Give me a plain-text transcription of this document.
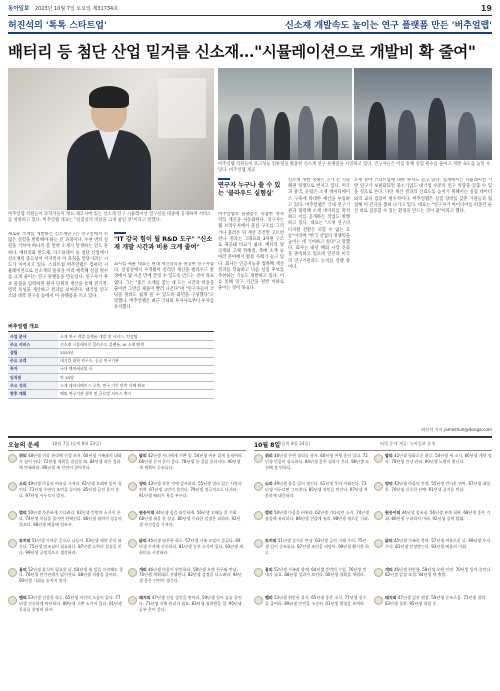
동아일보 2023년 10월 7일 토요일 제31734호	19
허진석의 '톡톡 스타트업'	신소재 개발속도 높이는 연구 플랫폼 만든 '버추얼랩'
배터리 등 첨단 산업 밑거름 신소재…"시뮬레이션으로 개발비 확 줄여"
버추얼랩 직원들이 과학자들이 재료·제조사에 있는 신소재 연구 시뮬레이션 연구실을 대중에 공개하며 서비스를 설명하고 있다. 버추얼랩 대표는 "실험실의 비용을 크게 줄일 것"이라고 말했다.
버추얼랩 직원들이 초고성능 컴퓨팅을 활용한 신소재 연구 플랫폼을 시연하고 있다. 연구자들은 이를 통해 실험 횟수를 줄이고 개발 속도를 높일 수 있다. 버추얼랩 제공
새로운 소재를 개발하는 신소재연구는 연구실에서 수많은 실험을 반복해야 하는 긴 과정이다. 수천 번의 실험을 거쳐야 하나의 쓸 만한 소재가 탄생하는 일도 흔하다. 배터리와 반도체, 디스플레이 등 첨단 산업에서 신소재의 중요성이 커지면서 이 과정을 앞당기려는 시도가 이어지고 있다. 스타트업 버추얼랩은 컴퓨터 시뮬레이션으로 신소재의 물성을 미리 예측해 실험 횟수를 크게 줄이는 연구 플랫폼을 만들었다. 연구자가 후보 물질을 입력하면 원자 단위의 계산을 통해 전기적·열적 특성을 계산하고 결과를 보여준다. 대기업 연구소와 대학 연구실 등에서 이 플랫폼을 쓰고 있다.
"IT 강국 힘이 될 R&D 도구" "신소재 개발 시간과 비용 크게 줄여"
회사를 세운 대표는 원래 계산과학을 전공한 연구자였다. 실험실에서 수개월이 걸리던 계산을 클라우드 환경에서 몇 시간 만에 끝낼 수 있도록 만드는 것이 목표였다. 그는 "좋은 소재를 찾는 데 드는 시간과 비용을 줄이면 그만큼 제품이 빨리 나온다"며 "연구자들이 코딩을 몰라도 쉽게 쓸 수 있도록 화면을 구성했다"고 말했다. 버추얼랩은 최근 국내외 투자사로부터 투자를 유치했다.
연구자 누구나 쓸 수 있는 '클라우드 실험실'
버추얼랩의 플랫폼은 복잡한 양자역학 계산을 자동화한다. 연구자는 웹 브라우저에서 물질 구조를 그리거나 불러온 뒤 계산 조건만 고르면 된다. 결과는 그래프와 3차원 구조로 제공돼 비교가 쉽다. 배터리 양극재와 고체 전해질, 촉매 소재 등 여러 분야에서 활용 사례가 늘고 있다. 회사는 인공지능을 접목해 계산 결과를 학습하고 다음 실험 후보를 추천하는 기능도 개발하고 있다. 이를 통해 연구 기간을 절반 이하로 줄이는 것이 목표다.
신소재 개발 경쟁은 국가 간 기술 패권 경쟁으로 번지고 있다. 미국과 중국, 유럽은 소재 데이터베이스 구축에 막대한 예산을 투입하고 있다. 버추얼랩은 국내 연구기관과 협력해 소재 데이터를 축적하고 이를 공개하는 작업도 병행하고 있다. 대표는 "소재 연구의 디지털 전환은 피할 수 없는 흐름"이라며 "한국 산업의 경쟁력을 높이는 데 기여하고 싶다"고 말했다. 회사는 내년 해외 시장 진출을 준비하고 있으며 일본과 미국의 연구기관과도 논의를 진행 중이다.
소재 분야 스타트업에 대한 투자도 늘고 있다. 업계에서는 시뮬레이션 기반 연구가 보편화되면 중소기업도 대기업 수준의 연구 역량을 갖출 수 있을 것으로 본다. 다만 계산 결과의 신뢰도를 높이기 위해서는 실험 데이터와의 교차 검증이 필수적이다. 버추얼랩은 실험 장비를 갖춘 기관들과 협업해 이 간극을 좁혀 나가고 있다. 대표는 "연구자가 아이디어를 떠올린 순간 바로 검증할 수 있는 환경을 만드는 것이 꿈"이라고 했다.
버추얼랩 개요
사업 분야	소재 연구 개발 플랫폼 개발 및 서비스, 컨설팅
주요 서비스	신소재 시뮬레이션 클라우드 플랫폼, AI 소재 탐색
설립	2020년
주요 고객	대기업·대학 연구소, 공공 연구기관
투자	국내 벤처캐피털 등
임직원	약 30명
주요 성과	소재 데이터베이스 구축, 연구 기간 단축 사례 확보
향후 계획	해외 연구기관 협력 및 글로벌 서비스 출시
허진석 기자 jameshuh@donga.com
오늘의 운세	10월 7일 (음력 8월 23일)	10월 8일 (음력 8월 24일)	띠별 운세 제공: 동아일보 운세
쥐띠 48년생 건강 관리에 신경 쓰자. 60년생 가족과의 대화가 힘이 된다. 72년생 계획을 점검할 때. 84년생 작은 성과에 만족하라. 96년생 새 인연이 찾아온다.
소띠 49년생 마음의 여유를 가져라. 61년생 오래된 일이 풀린다. 73년생 주변의 조언을 들어라. 85년생 금전 운이 좋다. 97년생 서두르지 말자.
범띠 50년생 차분하게 기다려라. 62년생 뜻밖의 소식이 온다. 74년생 욕심을 줄이면 편해진다. 86년생 협력이 성공의 열쇠다. 98년생 배움에 힘쓰자.
토끼띠 51년생 가까운 곳으로 나들이. 63년생 계약 운이 따른다. 75년생 말조심이 필요하다. 87년생 노력의 결실을 본다. 99년생 긍정적으로 생각하라.
용띠 52년생 휴식이 필요한 날. 64년생 새 일을 시작해도 좋다. 76년생 인간관계가 넓어진다. 88년생 지출을 줄여라. 00년생 기회를 놓치지 말자.
뱀띠 53년생 건강한 하루. 65년생 지인의 도움이 있다. 77년생 신중하게 판단하라. 89년생 기쁜 소식이 있다. 01년생 목표를 분명히 하자.
말띠 42년생 자녀에게 기쁜 일. 54년생 여유 있게 움직여라. 66년생 문서 운이 좋다. 78년생 한 걸음 물러서라. 90년생 새 계획이 순조롭다.
양띠 43년생 작은 것에 감사하라. 55년생 멀리 있는 사람의 연락. 67년생 고민이 풀린다. 79년생 적극적으로 나서라. 91년생 배려가 복을 부른다.
원숭이띠 44년생 몸을 따뜻하게. 56년생 오해를 풀 기회. 68년생 재물 운 상승. 80년생 무리한 일정은 피하라. 92년생 자신감을 가져라.
닭띠 45년생 평온한 하루. 57년생 가족 모임이 즐겁다. 69년생 투자에 신중하라. 81년생 승진 소식이 있다. 93년생 새 취미를 시작하라.
개띠 46년생 마음이 편안하다. 58년생 오랜 친구와 만남. 70년생 계획대로 진행된다. 82년생 감정을 다스려라. 94년생 좋은 인연이 생긴다.
돼지띠 47년생 건강 검진을 받아라. 59년생 일이 술술 풀린다. 71년생 지출 관리가 필요. 83년생 칭찬받을 일. 95년생 공부 운이 좋다.
쥐띠 48년생 주변 정리를 하자. 60년생 여행 운이 있다. 72년생 믿음이 필요하다. 84년생 좋은 결과가 온다. 96년생 도전해 볼 만하다.
소띠 49년생 웃을 일이 생긴다. 61년생 뜻이 이뤄진다. 73년생 서두르면 그르친다. 85년생 귀인을 만난다. 97년생 차분하게 대응하라.
범띠 50년생 마음을 비워라. 62년생 기다리던 소식. 74년생 협상에 유리하다. 86년생 건강에 유의. 98년생 새로운 기회.
토끼띠 51년생 즐거운 만남. 63년생 금전 거래 주의. 75년생 일이 순조롭다. 87년생 조언을 귀담아. 99년생 활기찬 하루.
용띠 52년생 가족과 함께. 64년생 뜻밖의 수입. 76년생 인내가 필요. 88년생 성과가 보인다. 00년생 계획을 세워라.
뱀띠 53년생 편안한 휴식. 65년생 좋은 소식. 77년생 실수를 줄여라. 89년생 인연을 소중히. 01년생 열정을 보여라.
말띠 42년생 평화로운 하루. 54년생 새 소식. 66년생 계약 성사. 78년생 건강 관리. 90년생 노력이 빛난다.
양띠 43년생 마음의 안정. 55년생 반가운 연락. 67년생 재물 운. 79년생 신중한 선택. 91년생 즐거운 만남.
원숭이띠 44년생 몸조심. 56년생 관계 회복. 68년생 좋은 기회. 80년생 무리하지 마라. 92년생 실력 발휘.
닭띠 45년생 가족의 축복. 57년생 여유로운 날. 69년생 투자 주의. 81년생 인정받는다. 93년생 배움의 기회.
개띠 46년생 편안함. 58년생 오랜 인연. 70년생 일이 풀린다. 82년생 감정 조절. 94년생 새 출발.
돼지띠 47년생 검진 권장. 59년생 순조로움. 71년생 절약. 83년생 칭찬. 95년생 학업 운.
